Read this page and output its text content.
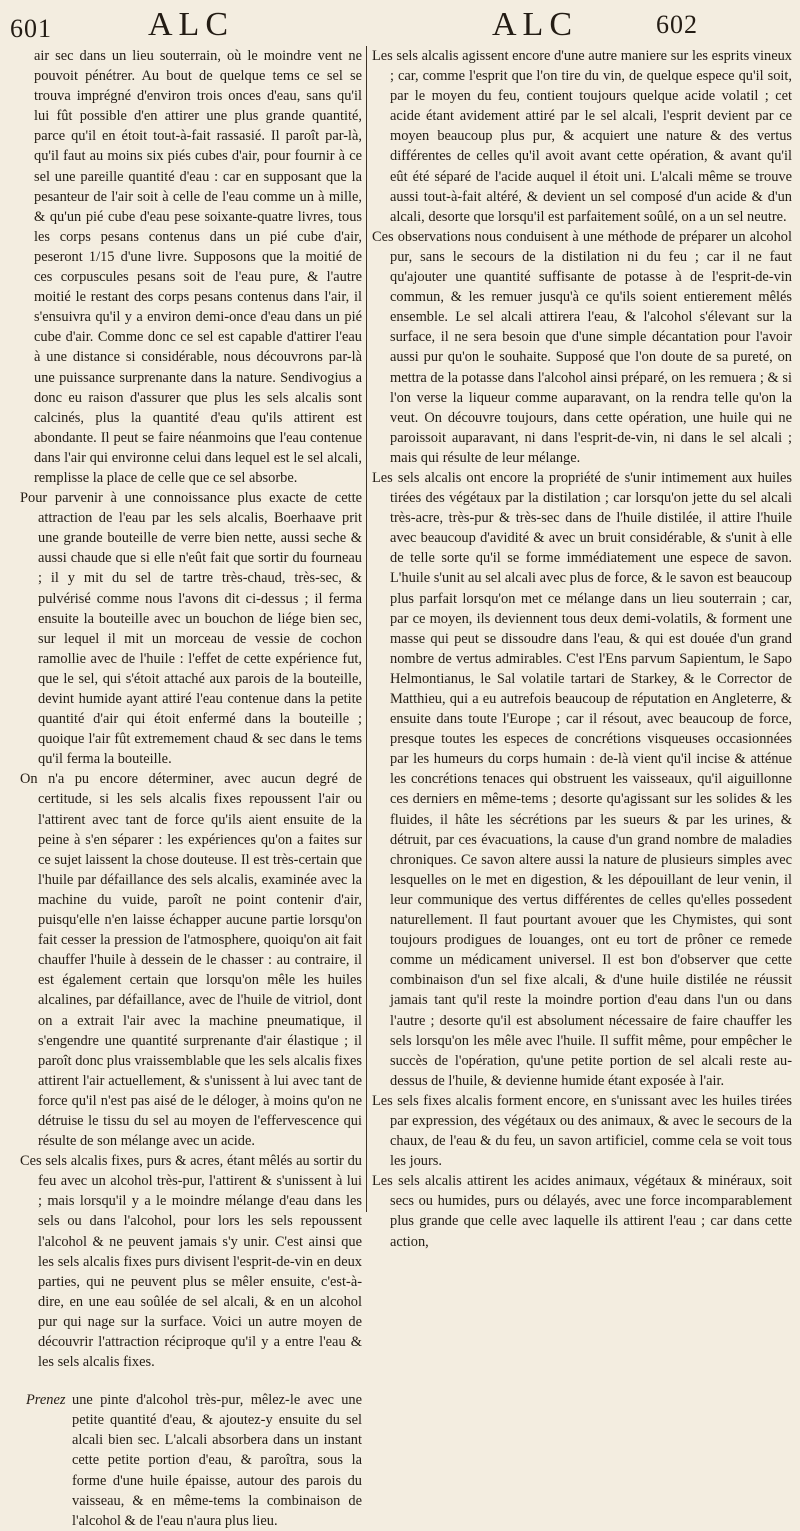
601	ALC	ALC	602

air sec dans un lieu souterrain, où le moindre vent ne pouvoit pénétrer. Au bout de quelque tems ce sel se trouva imprégné d'environ trois onces d'eau, sans qu'il lui fût possible d'en attirer une plus grande quantité, parce qu'il en étoit tout-à-fait rassasié. Il paroît par-là, qu'il faut au moins six piés cubes d'air, pour fournir à ce sel une pareille quantité d'eau : car en supposant que la pesanteur de l'air soit à celle de l'eau comme un à mille, & qu'un pié cube d'eau pese soixante-quatre livres, tous les corps pesans contenus dans un pié cube d'air, peseront 1/15 d'une livre. Supposons que la moitié de ces corpuscules pesans soit de l'eau pure, & l'autre moitié le restant des corps pesans contenus dans l'air, il s'ensuivra qu'il y a environ demi-once d'eau dans un pié cube d'air. Comme donc ce sel est capable d'attirer l'eau à une distance si considérable, nous découvrons par-là une puissance surprenante dans la nature. Sendivogius a donc eu raison d'assurer que plus les sels alcalis sont calcinés, plus la quantité d'eau qu'ils attirent est abondante. Il peut se faire néanmoins que l'eau contenue dans l'air qui environne celui dans lequel est le sel alcali, remplisse la place de celle que ce sel absorbe.

Pour parvenir à une connoissance plus exacte de cette attraction de l'eau par les sels alcalis, Boerhaave prit une grande bouteille de verre bien nette, aussi seche & aussi chaude que si elle n'eût fait que sortir du fourneau ; il y mit du sel de tartre très-chaud, très-sec, & pulvérisé comme nous l'avons dit ci-dessus ; il ferma ensuite la bouteille avec un bouchon de liége bien sec, sur lequel il mit un morceau de vessie de cochon ramollie avec de l'huile : l'effet de cette expérience fut, que le sel, qui s'étoit attaché aux parois de la bouteille, devint humide ayant attiré l'eau contenue dans la petite quantité d'air qui étoit enfermé dans la bouteille ; quoique l'air fût extremement chaud & sec dans le tems qu'il ferma la bouteille.

On n'a pu encore déterminer, avec aucun degré de certitude, si les sels alcalis fixes repoussent l'air ou l'attirent avec tant de force qu'ils aient ensuite de la peine à s'en séparer : les expériences qu'on a faites sur ce sujet laissent la chose douteuse. Il est très-certain que l'huile par défaillance des sels alcalis, examinée avec la machine du vuide, paroît ne point contenir d'air, puisqu'elle n'en laisse échapper aucune partie lorsqu'on fait cesser la pression de l'atmosphere, quoiqu'on ait fait chauffer l'huile à dessein de le chasser : au contraire, il est également certain que lorsqu'on mêle les huiles alcalines, par défaillance, avec de l'huile de vitriol, dont on a extrait l'air avec la machine pneumatique, il s'engendre une quantité surprenante d'air élastique ; il paroît donc plus vraissemblable que les sels alcalis fixes attirent l'air actuellement, & s'unissent à lui avec tant de force qu'il n'est pas aisé de le déloger, à moins qu'on ne détruise le tissu du sel au moyen de l'effervescence qui résulte de son mélange avec un acide.

Ces sels alcalis fixes, purs & acres, étant mêlés au sortir du feu avec un alcohol très-pur, l'attirent & s'unissent à lui ; mais lorsqu'il y a le moindre mélange d'eau dans les sels ou dans l'alcohol, pour lors les sels repoussent l'alcohol & ne peuvent jamais s'y unir. C'est ainsi que les sels alcalis fixes purs divisent l'esprit-de-vin en deux parties, qui ne peuvent plus se mêler ensuite, c'est-à-dire, en une eau soûlée de sel alcali, & en un alcohol pur qui nage sur la surface. Voici un autre moyen de découvrir l'attraction réciproque qu'il y a entre l'eau & les sels alcalis fixes.

Prenez une pinte d'alcohol très-pur, mêlez-le avec une petite quantité d'eau, & ajoutez-y ensuite du sel alcali bien sec. L'alcali absorbera dans un instant cette petite portion d'eau, & paroîtra, sous la forme d'une huile épaisse, autour des parois du vaisseau, & en même-tems la combinaison de l'alcohol & de l'eau n'aura plus lieu.

Les sels alcalis agissent encore d'une autre maniere sur les esprits vineux ; car, comme l'esprit que l'on tire du vin, de quelque espece qu'il soit, par le moyen du feu, contient toujours quelque acide volatil ; cet acide étant avidement attiré par le sel alcali, l'esprit devient par ce moyen beaucoup plus pur, & acquiert une nature & des vertus différentes de celles qu'il avoit avant cette opération, & avant qu'il eût été séparé de l'acide auquel il étoit uni. L'alcali même se trouve aussi tout-à-fait altéré, & devient un sel composé d'un acide & d'un alcali, desorte que lorsqu'il est parfaitement soûlé, on a un sel neutre.

Ces observations nous conduisent à une méthode de préparer un alcohol pur, sans le secours de la distilation ni du feu ; car il ne faut qu'ajouter une quantité suffisante de potasse à de l'esprit-de-vin commun, & les remuer jusqu'à ce qu'ils soient entierement mêlés ensemble. Le sel alcali attirera l'eau, & l'alcohol s'élevant sur la surface, il ne sera besoin que d'une simple décantation pour l'avoir aussi pur qu'on le souhaite. Supposé que l'on doute de sa pureté, on mettra de la potasse dans l'alcohol ainsi préparé, on les remuera ; & si l'on verse la liqueur comme auparavant, on la rendra telle qu'on la veut. On découvre toujours, dans cette opération, une huile qui ne paroissoit auparavant, ni dans l'esprit-de-vin, ni dans le sel alcali ; mais qui résulte de leur mélange.

Les sels alcalis ont encore la propriété de s'unir intimement aux huiles tirées des végétaux par la distilation ; car lorsqu'on jette du sel alcali très-acre, très-pur & très-sec dans de l'huile distilée, il attire l'huile avec beaucoup d'avidité & avec un bruit considérable, & s'unit à elle de telle sorte qu'il se forme immédiatement une espece de savon. L'huile s'unit au sel alcali avec plus de force, & le savon est beaucoup plus parfait lorsqu'on met ce mélange dans un lieu souterrain ; car, par ce moyen, ils deviennent tous deux demi-volatils, & forment une masse qui peut se dissoudre dans l'eau, & qui est douée d'un grand nombre de vertus admirables. C'est l'Ens parvum Sapientum, le Sapo Helmontianus, le Sal volatile tartari de Starkey, & le Corrector de Matthieu, qui a eu autrefois beaucoup de réputation en Angleterre, & ensuite dans toute l'Europe ; car il résout, avec beaucoup de force, presque toutes les especes de concrétions visqueuses occasionnées par les humeurs du corps humain : de-là vient qu'il incise & atténue les concrétions tenaces qui obstruent les vaisseaux, qu'il aiguillonne ces derniers en même-tems ; desorte qu'agissant sur les solides & les fluides, il hâte les sécrétions par les sueurs & par les urines, & détruit, par ces évacuations, la cause d'un grand nombre de maladies chroniques. Ce savon altere aussi la nature de plusieurs simples avec lesquelles on le met en digestion, & les dépouillant de leur venin, il leur communique des vertus différentes de celles qu'elles possedent naturellement. Il faut pourtant avouer que les Chymistes, qui sont toujours prodigues de louanges, ont eu tort de prôner ce remede comme un médicament universel. Il est bon d'observer que cette combinaison d'un sel fixe alcali, & d'une huile distilée ne réussit jamais tant qu'il reste la moindre portion d'eau dans l'un ou dans l'autre ; desorte qu'il est absolument nécessaire de faire chauffer les sels lorsqu'on les mêle avec l'huile. Il suffit même, pour empêcher le succès de l'opération, qu'une petite portion de sel alcali reste au-dessus de l'huile, & devienne humide étant exposée à l'air.

Les sels fixes alcalis forment encore, en s'unissant avec les huiles tirées par expression, des végétaux ou des animaux, & avec le secours de la chaux, de l'eau & du feu, un savon artificiel, comme cela se voit tous les jours.

Les sels alcalis attirent les acides animaux, végétaux & minéraux, soit secs ou humides, purs ou délayés, avec une force incomparablement plus grande que celle avec laquelle ils attirent l'eau ; car dans cette action,
